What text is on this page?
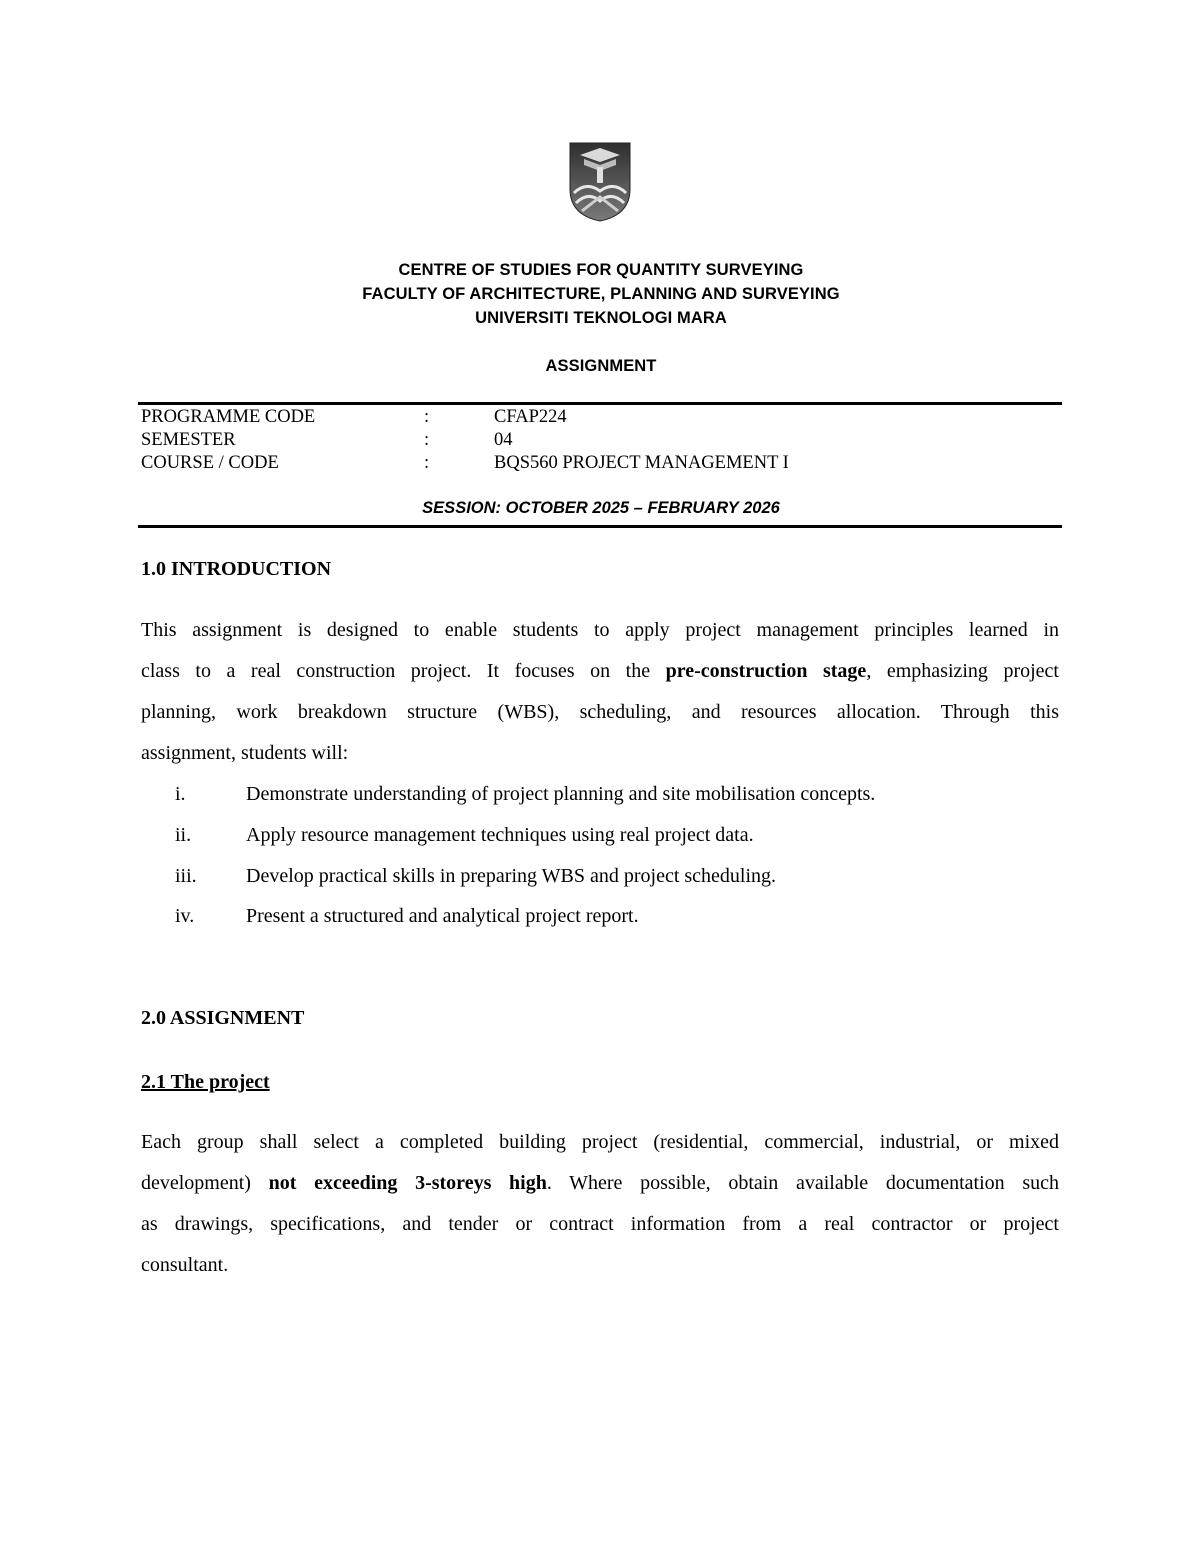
CENTRE OF STUDIES FOR QUANTITY SURVEYING
FACULTY OF ARCHITECTURE, PLANNING AND SURVEYING
UNIVERSITI TEKNOLOGI MARA
ASSIGNMENT
PROGRAMME CODE	:	CFAP224
SEMESTER	:	04
COURSE / CODE	:	BQS560 PROJECT MANAGEMENT I
SESSION: OCTOBER 2025 – FEBRUARY 2026
1.0 INTRODUCTION
This assignment is designed to enable students to apply project management principles learned in
class to a real construction project. It focuses on the pre-construction stage, emphasizing project
planning, work breakdown structure (WBS), scheduling, and resources allocation. Through this
assignment, students will:
i.	Demonstrate understanding of project planning and site mobilisation concepts.
ii.	Apply resource management techniques using real project data.
iii. Develop practical skills in preparing WBS and project scheduling.
iv.	Present a structured and analytical project report.
2.0 ASSIGNMENT
2.1 The project
Each group shall select a completed building project (residential, commercial, industrial, or mixed
development) not exceeding 3-storeys high. Where possible, obtain available documentation such
as drawings, specifications, and tender or contract information from a real contractor or project
consultant.
